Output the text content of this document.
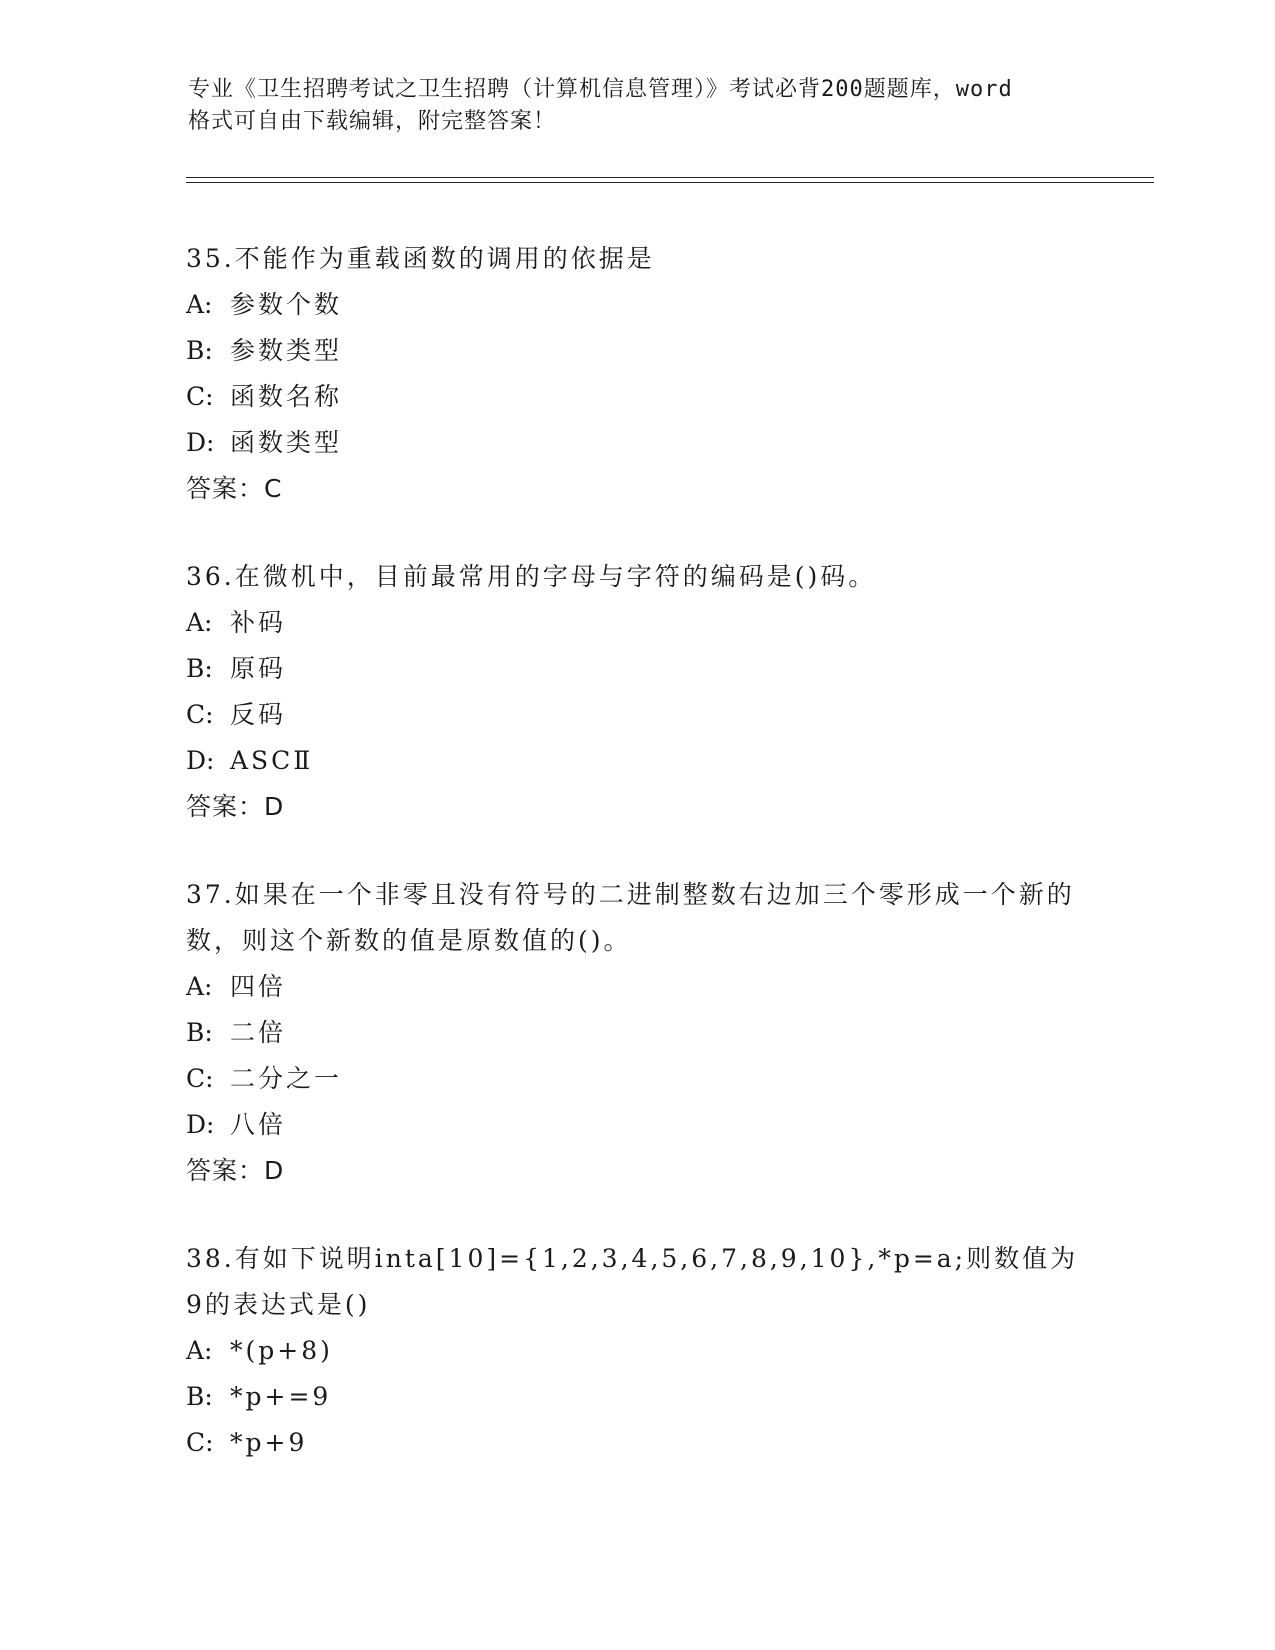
专业《卫生招聘考试之卫生招聘（计算机信息管理）》考试必背200题题库，word
格式可自由下载编辑，附完整答案！

35.不能作为重载函数的调用的依据是

A: 参数个数

B: 参数类型

C: 函数名称

D: 函数类型

答案：C

36.在微机中，目前最常用的字母与字符的编码是()码。

A: 补码

B: 原码

C: 反码

D: ASCⅡ

答案：D

37.如果在一个非零且没有符号的二进制整数右边加三个零形成一个新的数，则这个新数的值是原数值的()。

A: 四倍

B: 二倍

C: 二分之一

D: 八倍

答案：D

38.有如下说明inta[10]={1,2,3,4,5,6,7,8,9,10},*p=a;则数值为9的表达式是()

A: *(p+8)

B: *p+=9

C: *p+9
